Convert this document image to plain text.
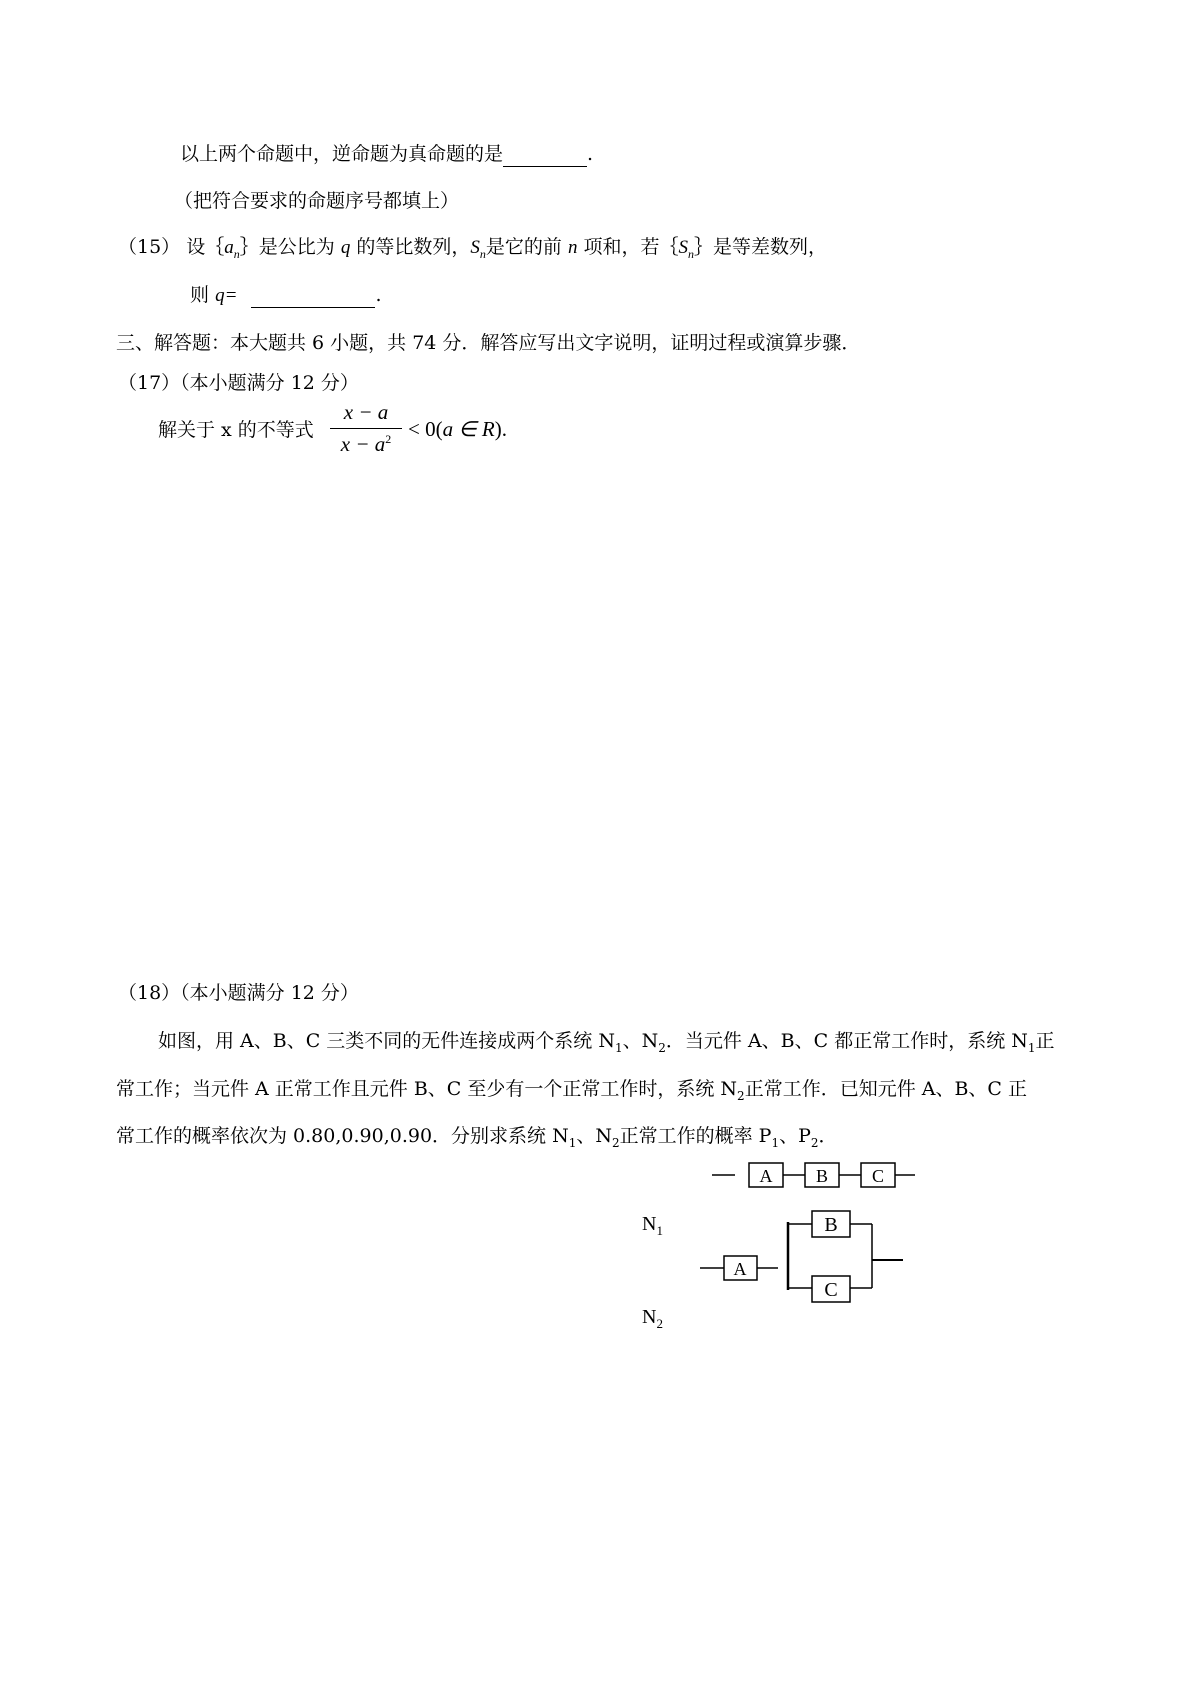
以上两个命题中，逆命题为真命题的是	.
（把符合要求的命题序号都填上）
（15） 设$\{a_n\}$是公比为 q 的等比数列，$S_n$是它的前 n 项和，若$\{S_n\}$是等差数列，
则 q=	.
三、解答题：本大题共 6 小题，共 74 分．解答应写出文字说明，证明过程或演算步骤．
（17）（本小题满分 12 分）
解关于 x 的不等式
x − a
$x - a^2 < 0(a$ ∈ R).
（18）（本小题满分 12 分）
如图，用 A、B、C 三类不同的无件连接成两个系统 $N_1$、$N_2$．当元件 A、B、C 都正常工作时，系统 $N_1$正
常工作；当元件 A 正常工作且元件 B、C 至少有一个正常工作时，系统 $N_2$正常工作．已知元件 A、B、C 正
常工作的概率依次为 0.80,0.90,0.90．分别求系统 $N_1$、$N_2$正常工作的概率 $P_1$、$P_2$．
A B C
A
B
C
$N_1$
$N_2$
